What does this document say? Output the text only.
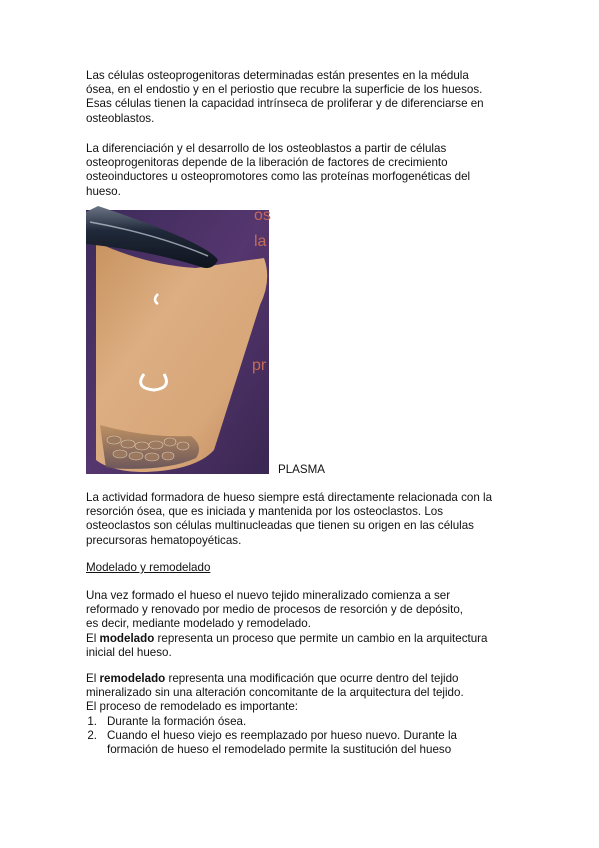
Las células osteoprogenitoras determinadas están presentes en la médula
ósea, en el endostio y en el periostio que recubre la superficie de los huesos.
Esas células tienen la capacidad intrínseca de proliferar y de diferenciarse en
osteoblastos.

La diferenciación y el desarrollo de los osteoblastos a partir de células
osteoprogenitoras depende de la liberación de factores de crecimiento
osteoinductores u osteopromotores como las proteínas morfogenéticas del
hueso.

os
la
pr
PLASMA

La actividad formadora de hueso siempre está directamente relacionada con la
resorción ósea, que es iniciada y mantenida por los osteoclastos. Los
osteoclastos son células multinucleadas que tienen su origen en las células
precursoras hematopoyéticas.

Modelado y remodelado

Una vez formado el hueso el nuevo tejido mineralizado comienza a ser
reformado y renovado por medio de procesos de resorción y de depósito,
es decir, mediante modelado y remodelado.
El modelado representa un proceso que permite un cambio en la arquitectura
inicial del hueso.

El remodelado representa una modificación que ocurre dentro del tejido
mineralizado sin una alteración concomitante de la arquitectura del tejido.
El proceso de remodelado es importante:

1. Durante la formación ósea.
2. Cuando el hueso viejo es reemplazado por hueso nuevo. Durante la
formación de hueso el remodelado permite la sustitución del hueso
